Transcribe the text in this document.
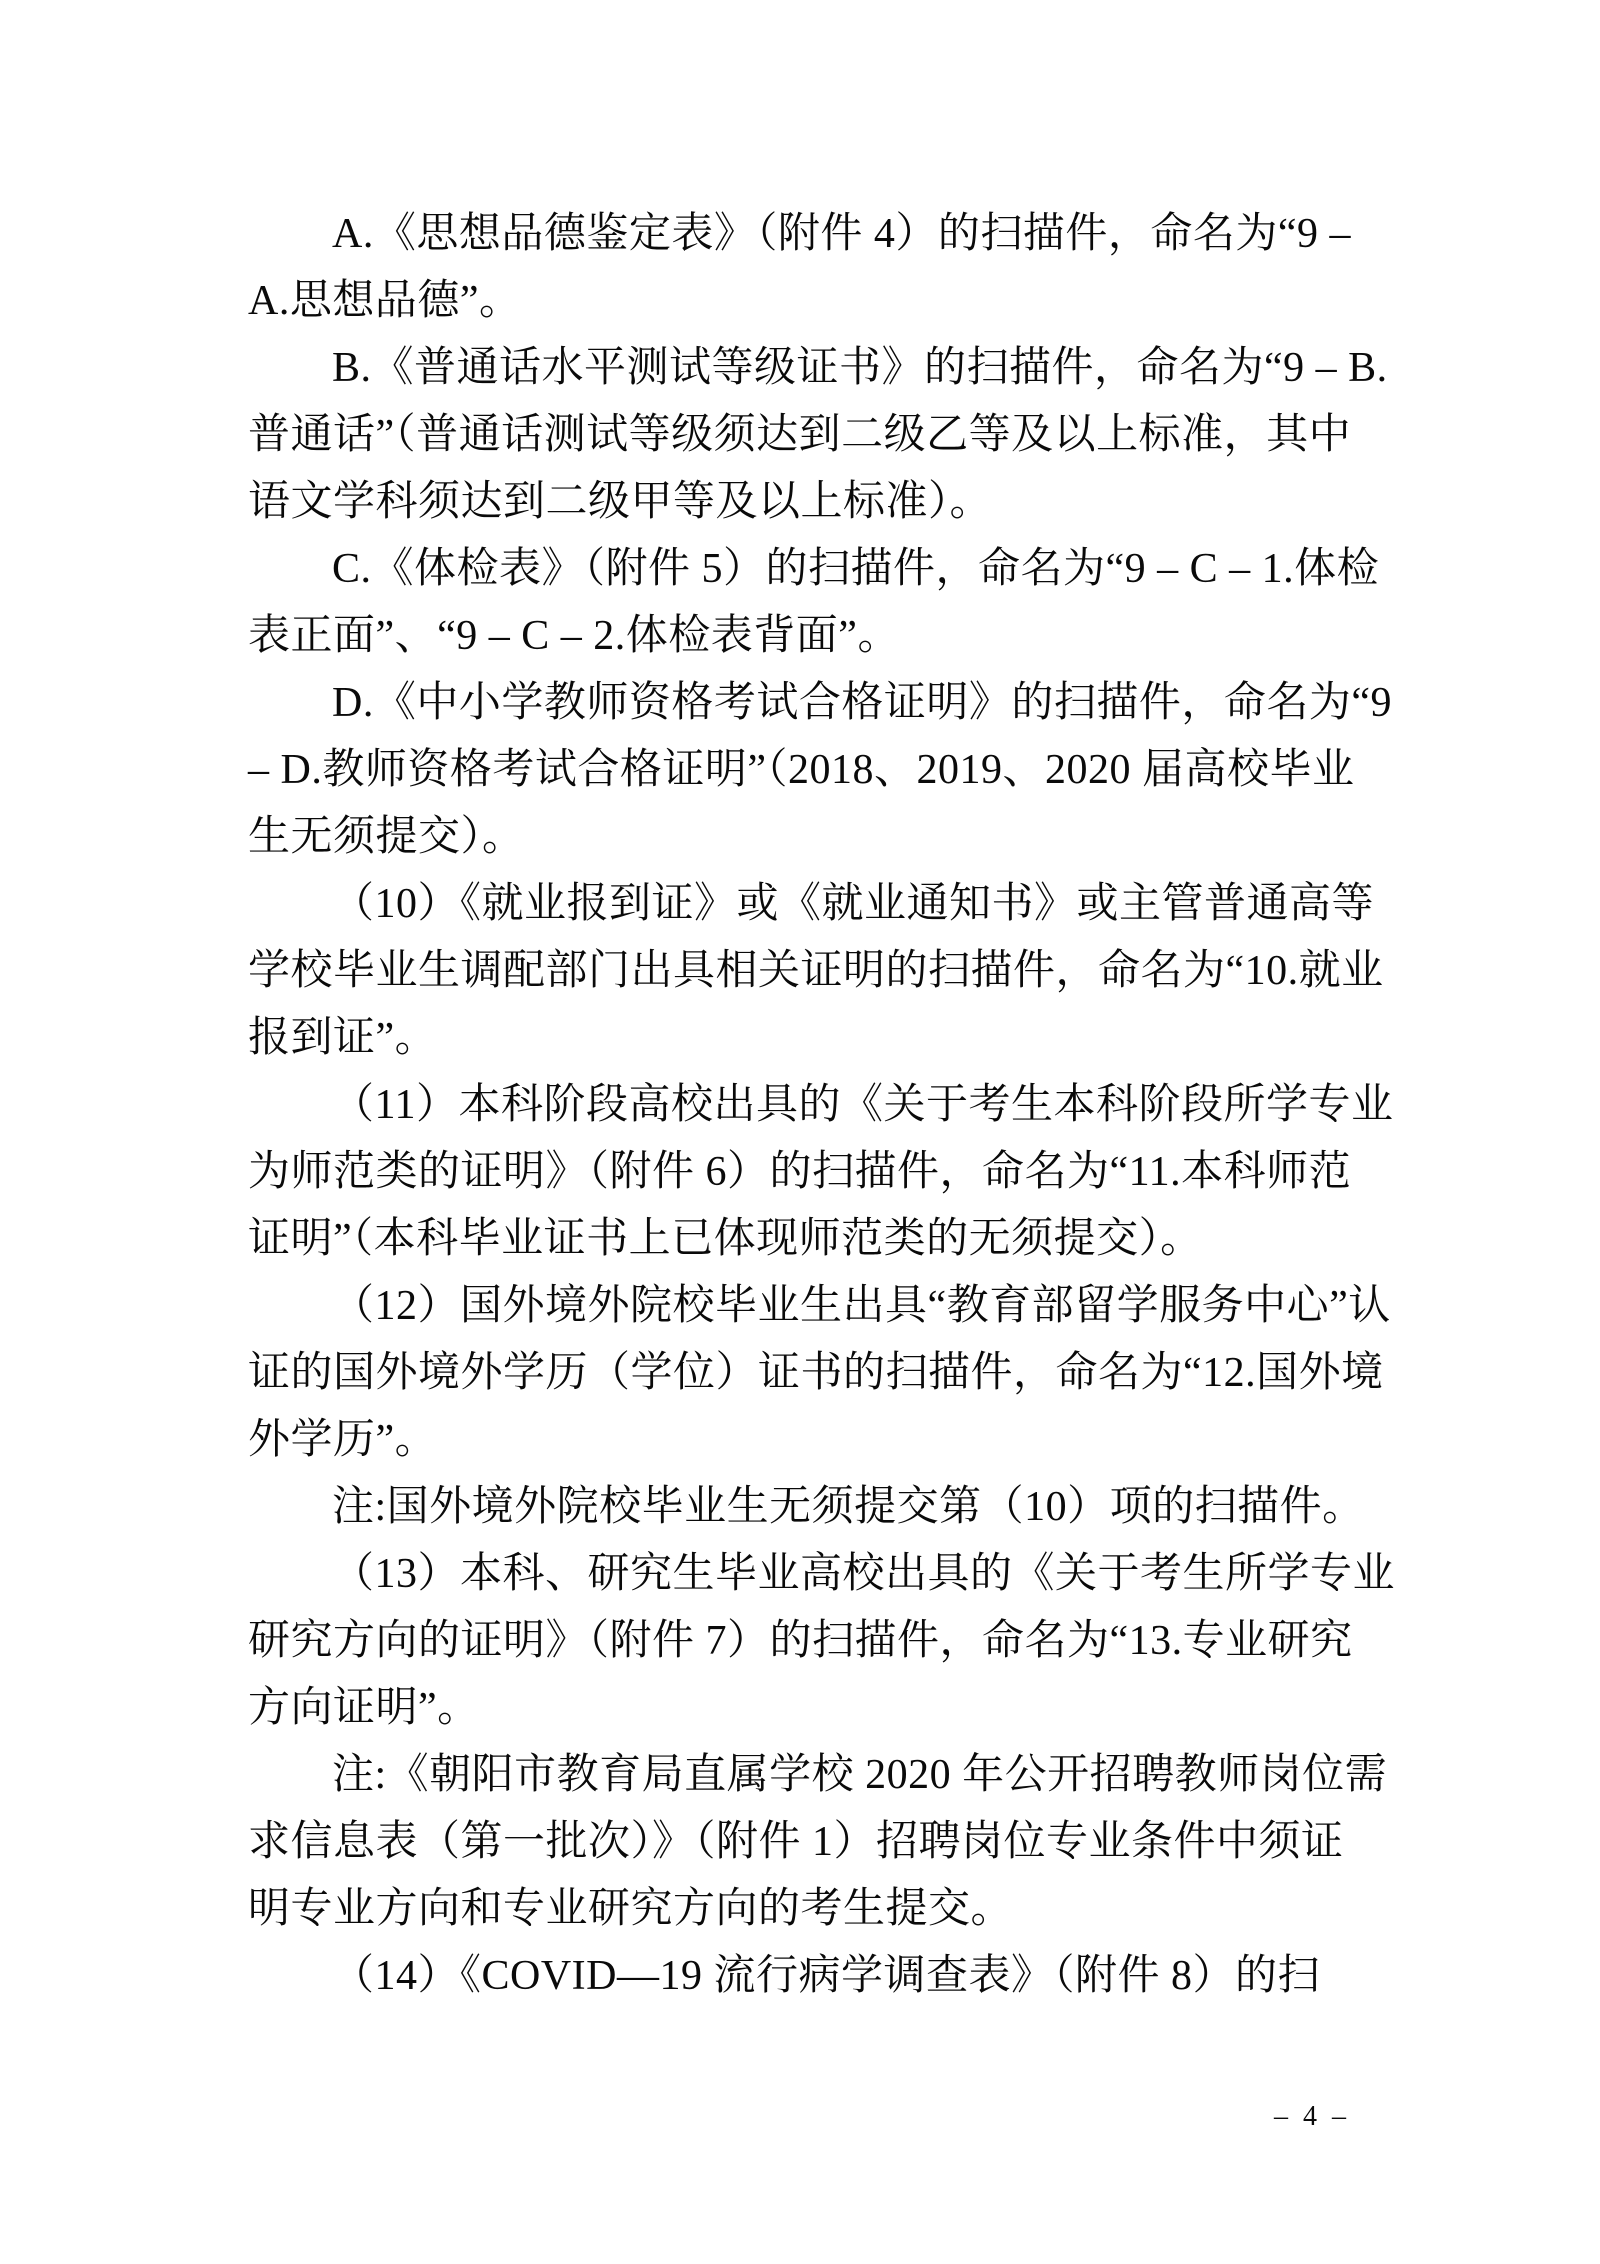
A.《思想品德鉴定表》（附件 4）的扫描件，命名为“9 –
A.思想品德”。
B.《普通话水平测试等级证书》的扫描件，命名为“9 – B.
普通话”（普通话测试等级须达到二级乙等及以上标准，其中
语文学科须达到二级甲等及以上标准）。
C.《体检表》（附件 5）的扫描件，命名为“9 – C – 1.体检
表正面”、“9 – C – 2.体检表背面”。
D.《中小学教师资格考试合格证明》的扫描件，命名为“9
– D.教师资格考试合格证明”（2018、2019、2020 届高校毕业
生无须提交）。
（10）《就业报到证》或《就业通知书》或主管普通高等
学校毕业生调配部门出具相关证明的扫描件，命名为“10.就业
报到证”。
（11）本科阶段高校出具的《关于考生本科阶段所学专业
为师范类的证明》（附件 6）的扫描件，命名为“11.本科师范
证明”（本科毕业证书上已体现师范类的无须提交）。
（12）国外境外院校毕业生出具“教育部留学服务中心”认
证的国外境外学历（学位）证书的扫描件，命名为“12.国外境
外学历”。
注:国外境外院校毕业生无须提交第（10）项的扫描件。
（13）本科、研究生毕业高校出具的《关于考生所学专业
研究方向的证明》（附件 7）的扫描件，命名为“13.专业研究
方向证明”。
注:《朝阳市教育局直属学校 2020 年公开招聘教师岗位需
求信息表（第一批次）》（附件 1）招聘岗位专业条件中须证
明专业方向和专业研究方向的考生提交。
（14）《COVID—19 流行病学调查表》（附件 8）的扫
– 4 –
